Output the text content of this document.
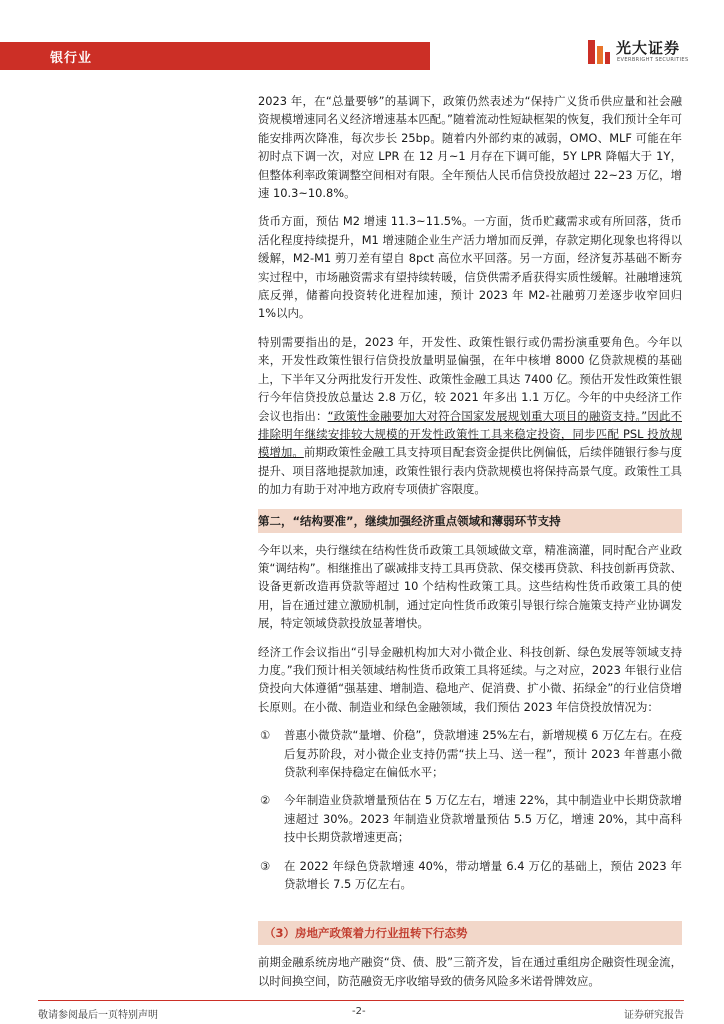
银行业
光大证券
EVERBRIGHT SECURITIES

2023 年，在“总量要够”的基调下，政策仍然表述为“保持广义货币供应量和社会融资规模增速同名义经济增速基本匹配。”随着流动性短缺框架的恢复，我们预计全年可能安排两次降准，每次步长 25bp。随着内外部约束的减弱，OMO、MLF 可能在年初时点下调一次，对应 LPR 在 12 月~1 月存在下调可能，5Y LPR 降幅大于 1Y，但整体利率政策调整空间相对有限。全年预估人民币信贷投放超过 22~23 万亿，增速 10.3~10.8%。

货币方面，预估 M2 增速 11.3~11.5%。一方面，货币贮藏需求或有所回落，货币活化程度持续提升，M1 增速随企业生产活力增加而反弹，存款定期化现象也将得以缓解，M2-M1 剪刀差有望自 8pct 高位水平回落。另一方面，经济复苏基础不断夯实过程中，市场融资需求有望持续转暖，信贷供需矛盾获得实质性缓解。社融增速筑底反弹，储蓄向投资转化进程加速，预计 2023 年 M2-社融剪刀差逐步收窄回归 1%以内。

特别需要指出的是，2023 年，开发性、政策性银行或仍需扮演重要角色。今年以来，开发性政策性银行信贷投放量明显偏强，在年中核增 8000 亿贷款规模的基础上，下半年又分两批发行开发性、政策性金融工具达 7400 亿。预估开发性政策性银行今年信贷投放总量达 2.8 万亿，较 2021 年多出 1.1 万亿。今年的中央经济工作会议也指出：“政策性金融要加大对符合国家发展规划重大项目的融资支持。”因此不排除明年继续安排较大规模的开发性政策性工具来稳定投资，同步匹配 PSL 投放规模增加。前期政策性金融工具支持项目配套资金提供比例偏低，后续伴随银行参与度提升、项目落地提款加速，政策性银行表内贷款规模也将保持高景气度。政策性工具的加力有助于对冲地方政府专项债扩容限度。

第二，“结构要准”，继续加强经济重点领域和薄弱环节支持

今年以来，央行继续在结构性货币政策工具领域做文章，精准滴灌，同时配合产业政策“调结构”。相继推出了碳减排支持工具再贷款、保交楼再贷款、科技创新再贷款、设备更新改造再贷款等超过 10 个结构性政策工具。这些结构性货币政策工具的使用，旨在通过建立激励机制，通过定向性货币政策引导银行综合施策支持产业协调发展，特定领域贷款投放显著增快。

经济工作会议指出“引导金融机构加大对小微企业、科技创新、绿色发展等领域支持力度。”我们预计相关领域结构性货币政策工具将延续。与之对应，2023 年银行业信贷投向大体遵循“强基建、增制造、稳地产、促消费、扩小微、拓绿金”的行业信贷增长原则。在小微、制造业和绿色金融领域，我们预估 2023 年信贷投放情况为：

① 普惠小微贷款“量增、价稳”，贷款增速 25%左右，新增规模 6 万亿左右。在疫后复苏阶段，对小微企业支持仍需“扶上马、送一程”，预计 2023 年普惠小微贷款利率保持稳定在偏低水平；
② 今年制造业贷款增量预估在 5 万亿左右，增速 22%，其中制造业中长期贷款增速超过 30%。2023 年制造业贷款增量预估 5.5 万亿，增速 20%，其中高科技中长期贷款增速更高；
③ 在 2022 年绿色贷款增速 40%，带动增量 6.4 万亿的基础上，预估 2023 年贷款增长 7.5 万亿左右。
（3）房地产政策着力行业扭转下行态势

前期金融系统房地产融资“贷、债、股”三箭齐发，旨在通过重组房企融资性现金流，以时间换空间，防范融资无序收缩导致的债务风险多米诺骨牌效应。

敬请参阅最后一页特别声明	-2-	证券研究报告
